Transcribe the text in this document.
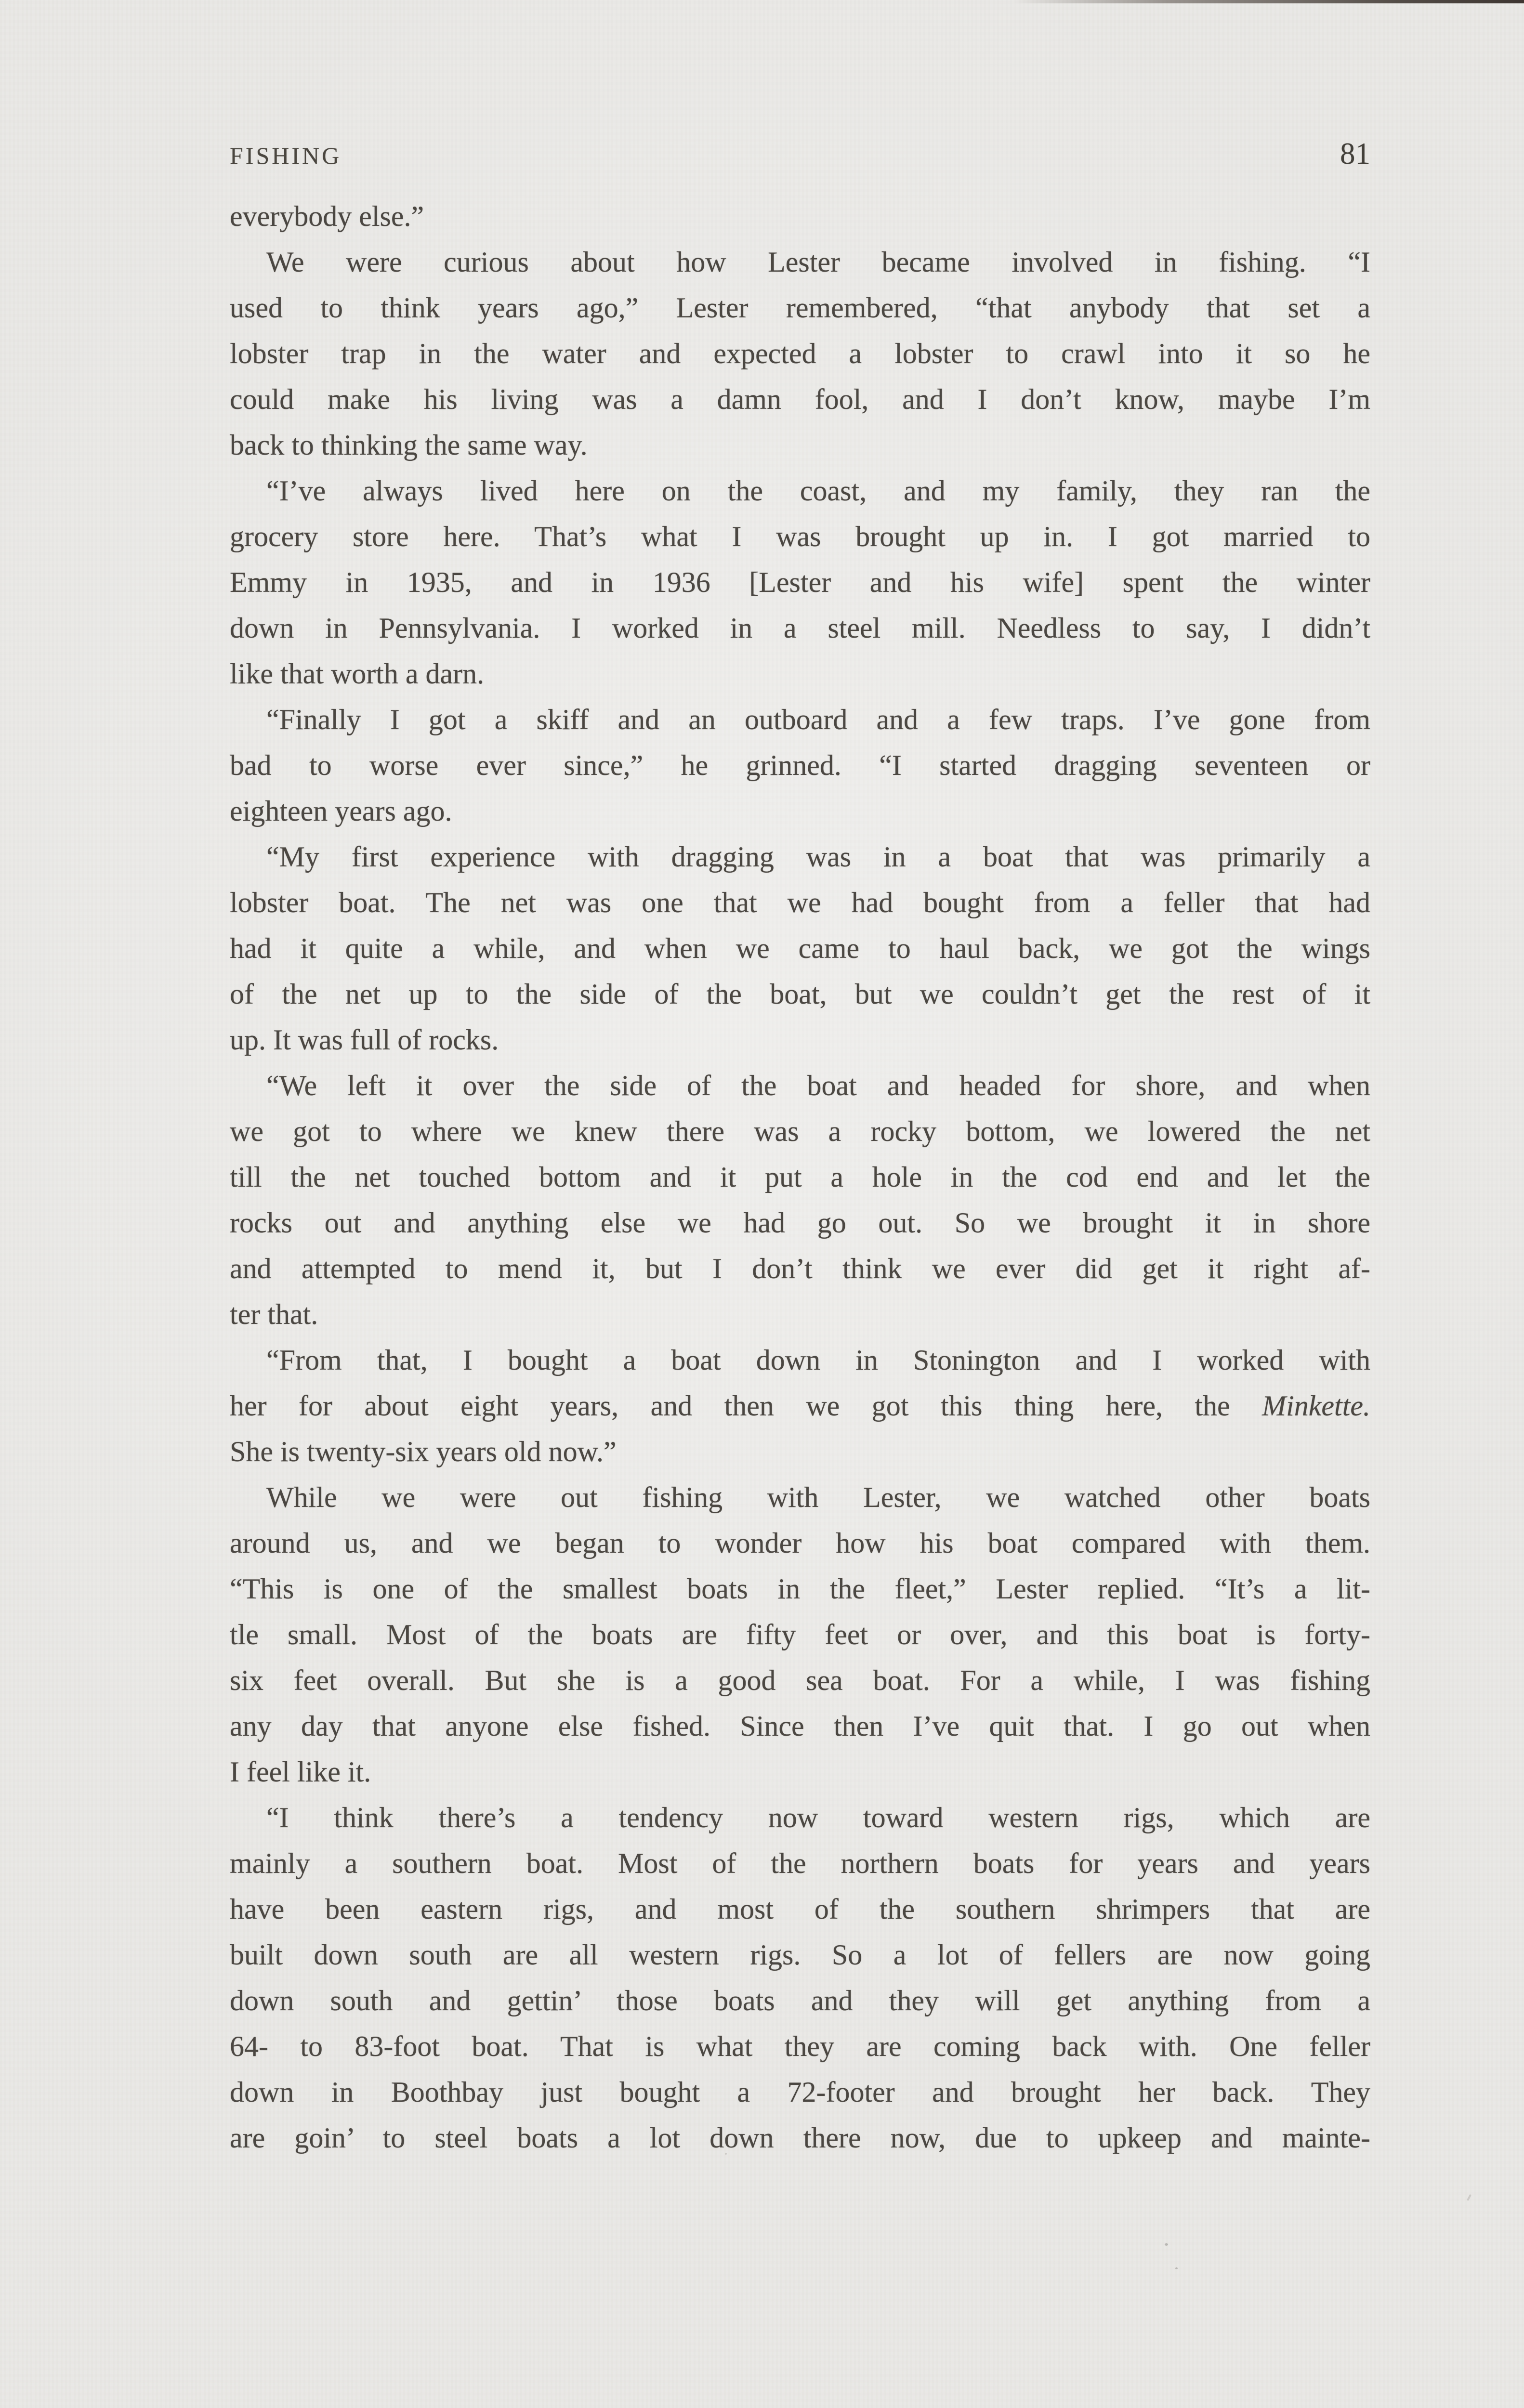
FISHING	81

everybody else.”

We were curious about how Lester became involved in fishing. “I
used to think years ago,” Lester remembered, “that anybody that set a
lobster trap in the water and expected a lobster to crawl into it so he
could make his living was a damn fool, and I don’t know, maybe I’m
back to thinking the same way.

“I’ve always lived here on the coast, and my family, they ran the
grocery store here. That’s what I was brought up in. I got married to
Emmy in 1935, and in 1936 [Lester and his wife] spent the winter
down in Pennsylvania. I worked in a steel mill. Needless to say, I didn’t
like that worth a darn.

“Finally I got a skiff and an outboard and a few traps. I’ve gone from
bad to worse ever since,” he grinned. “I started dragging seventeen or
eighteen years ago.

“My first experience with dragging was in a boat that was primarily a
lobster boat. The net was one that we had bought from a feller that had
had it quite a while, and when we came to haul back, we got the wings
of the net up to the side of the boat, but we couldn’t get the rest of it
up. It was full of rocks.

“We left it over the side of the boat and headed for shore, and when
we got to where we knew there was a rocky bottom, we lowered the net
till the net touched bottom and it put a hole in the cod end and let the
rocks out and anything else we had go out. So we brought it in shore
and attempted to mend it, but I don’t think we ever did get it right af-
ter that.

“From that, I bought a boat down in Stonington and I worked with
her for about eight years, and then we got this thing here, the Minkette.
She is twenty-six years old now.”

While we were out fishing with Lester, we watched other boats
around us, and we began to wonder how his boat compared with them.
“This is one of the smallest boats in the fleet,” Lester replied. “It’s a lit-
tle small. Most of the boats are fifty feet or over, and this boat is forty-
six feet overall. But she is a good sea boat. For a while, I was fishing
any day that anyone else fished. Since then I’ve quit that. I go out when
I feel like it.

“I think there’s a tendency now toward western rigs, which are
mainly a southern boat. Most of the northern boats for years and years
have been eastern rigs, and most of the southern shrimpers that are
built down south are all western rigs. So a lot of fellers are now going
down south and gettin’ those boats and they will get anything from a
64- to 83-foot boat. That is what they are coming back with. One feller
down in Boothbay just bought a 72-footer and brought her back. They
are goin’ to steel boats a lot down there now, due to upkeep and mainte-
